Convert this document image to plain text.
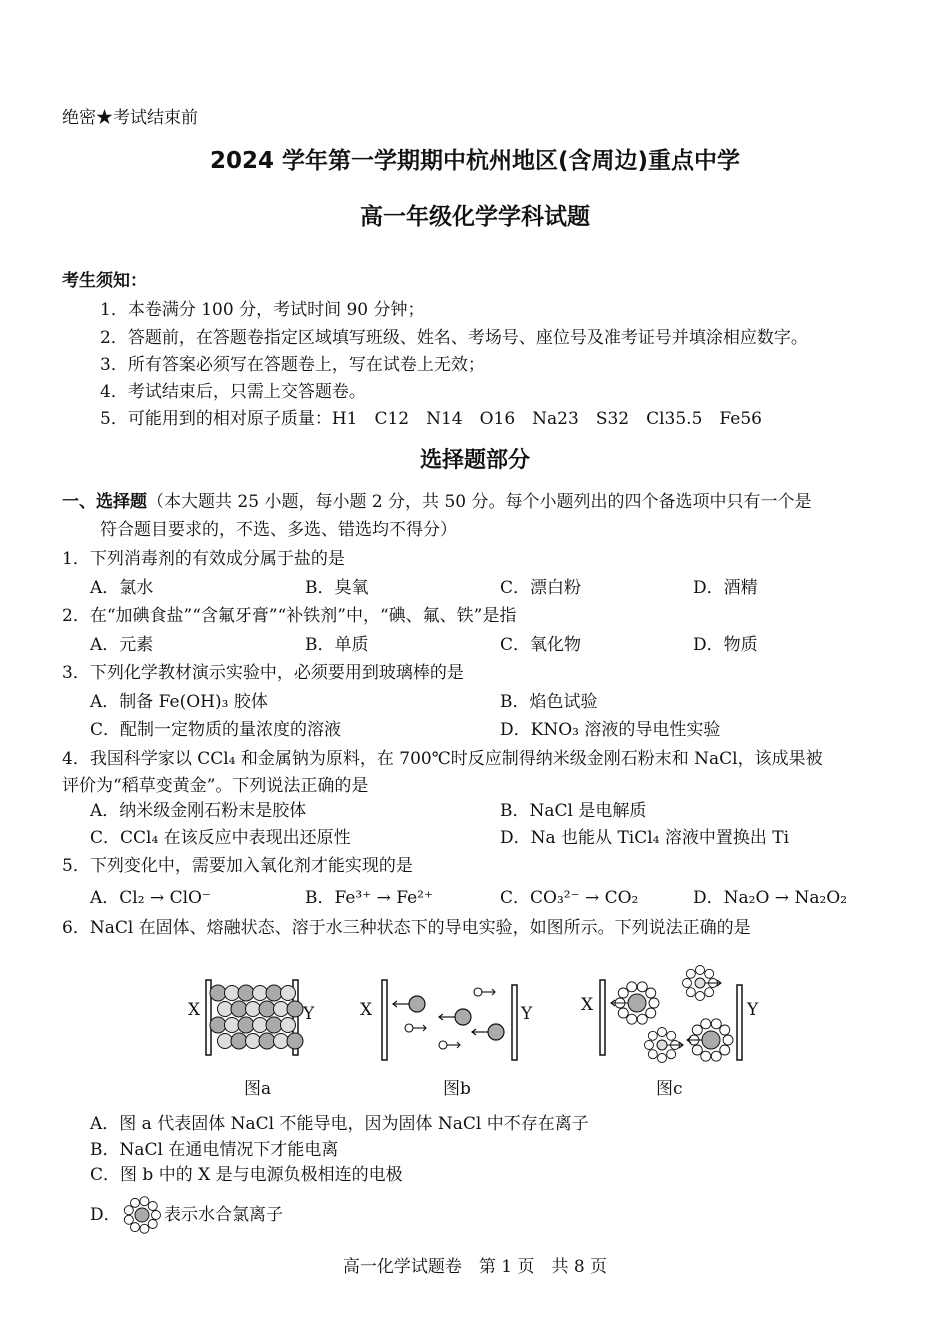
绝密★考试结束前
2024 学年第一学期期中杭州地区(含周边)重点中学
高一年级化学学科试题
考生须知：
1．本卷满分 100 分，考试时间 90 分钟；
2．答题前，在答题卷指定区域填写班级、姓名、考场号、座位号及准考证号并填涂相应数字。
3．所有答案必须写在答题卷上，写在试卷上无效；
4．考试结束后，只需上交答题卷。
5．可能用到的相对原子质量：H1　C12　N14　O16　Na23　S32　Cl35.5　Fe56
选择题部分
一、选择题（本大题共 25 小题，每小题 2 分，共 50 分。每个小题列出的四个备选项中只有一个是
符合题目要求的，不选、多选、错选均不得分）
1．下列消毒剂的有效成分属于盐的是
A．氯水	B．臭氧	C．漂白粉	D．酒精
2．在“加碘食盐”“含氟牙膏”“补铁剂”中，“碘、氟、铁”是指
A．元素	B．单质	C．氧化物	D．物质
3．下列化学教材演示实验中，必须要用到玻璃棒的是
A．制备 Fe(OH)₃ 胶体	B．焰色试验
C．配制一定物质的量浓度的溶液	D．KNO₃ 溶液的导电性实验
4．我国科学家以 CCl₄ 和金属钠为原料，在 700℃时反应制得纳米级金刚石粉末和 NaCl，该成果被
评价为“稻草变黄金”。下列说法正确的是
A．纳米级金刚石粉末是胶体	B．NaCl 是电解质
C．CCl₄ 在该反应中表现出还原性	D．Na 也能从 TiCl₄ 溶液中置换出 Ti
5．下列变化中，需要加入氧化剂才能实现的是
A．Cl₂ → ClO⁻	B．Fe³⁺ → Fe²⁺	C．CO₃²⁻ → CO₂	D．Na₂O → Na₂O₂
6．NaCl 在固体、熔融状态、溶于水三种状态下的导电实验，如图所示。下列说法正确的是
X	Y
图a
X	Y
图b
X	Y
图c
A．图 a 代表固体 NaCl 不能导电，因为固体 NaCl 中不存在离子
B．NaCl 在通电情况下才能电离
C．图 b 中的 X 是与电源负极相连的电极
D．	表示水合氯离子
高一化学试题卷　第 1 页　共 8 页
